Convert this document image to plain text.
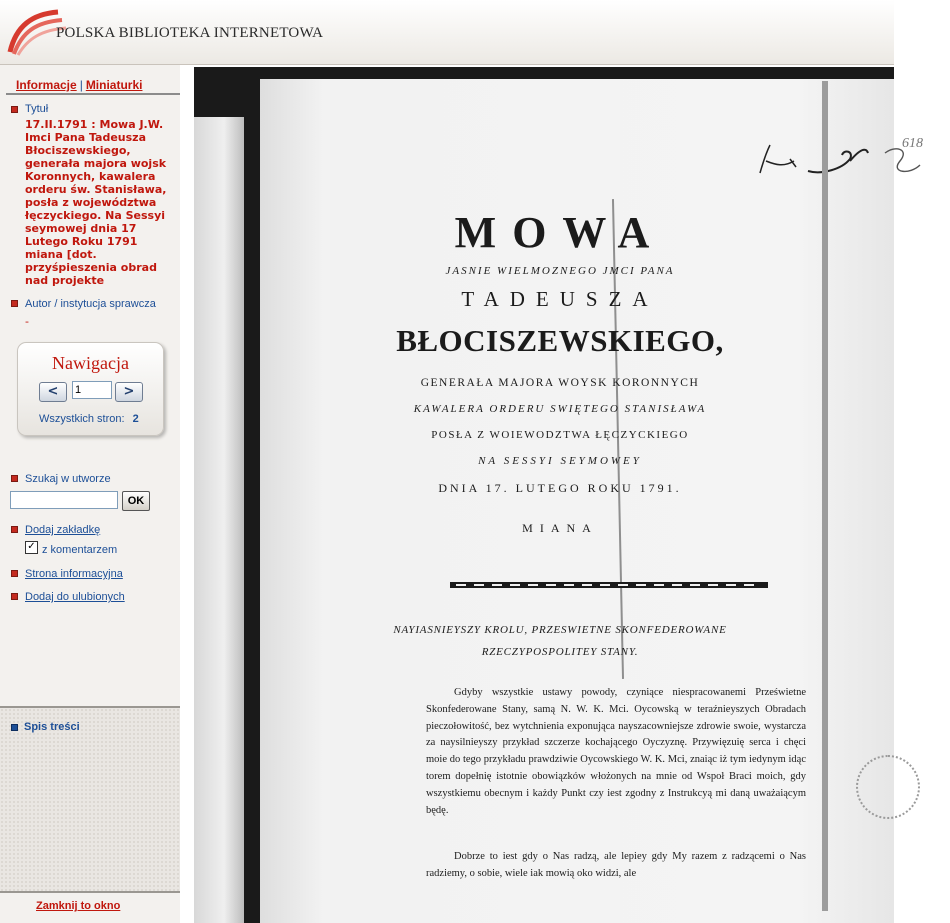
POLSKA BIBLIOTEKA INTERNETOWA
Informacje | Miniaturki
Tytuł
17.II.1791 : Mowa J.W. Imci Pana Tadeusza Błociszewskiego, generała majora wojsk Koronnych, kawalera orderu św. Stanisława, posła z województwa łęczyckiego. Na Sessyi seymowej dnia 17 Lutego Roku 1791 miana [dot. przyśpieszenia obrad nad projekte
Autor / instytucja sprawcza
-
Nawigacja
<
1	>
Wszystkich stron: 2
Szukaj w utworze
OK
Dodaj zakładkę
✓ z komentarzem
Strona informacyjna
Dodaj do ulubionych
Spis treści
Zamknij to okno
618
MOWA
JASNIE WIELMOZNEGO JMCI PANA
TADEUSZA
BŁOCISZEWSKIEGO,
GENERAŁA MAJORA WOYSK KORONNYCH
KAWALERA ORDERU SWIĘTEGO STANISŁAWA
POSŁA Z WOIEWODZTWA ŁĘCZYCKIEGO
NA SESSYI SEYMOWEY
DNIA 17. LUTEGO ROKU 1791.
MIANA
NAYIASNIEYSZY KROLU, PRZESWIETNE SKONFEDEROWANE
RZECZYPOSPOLITEY STANY.
Gdyby wszystkie ustawy powody, czyniące niespracowanemi Prześwietne Skonfederowane Stany, samą N. W. K. Mci. Oycowską w teraźnieyszych Obradach pieczołowitość, bez wytchnienia exponująca nayszacowniejsze zdrowie swoie, wystarcza za naysilnieyszy przykład szczerze kochającego Oyczyznę. Przywięzuię serca i chęci moie do tego przykładu prawdziwie Oycowskiego W. K. Mci, znaiąc iż tym iedynym idąc torem dopełnię istotnie obowiązków włożonych na mnie od Wspoł Braci moich, gdy wszystkiemu obecnym i każdy Punkt czy iest zgodny z Instrukcyą mi daną uważaiącym będę.
Dobrze to iest gdy o Nas radzą, ale lepiey gdy My razem z radzącemi o Nas radziemy, o sobie, wiele iak mowią oko widzi, ale
